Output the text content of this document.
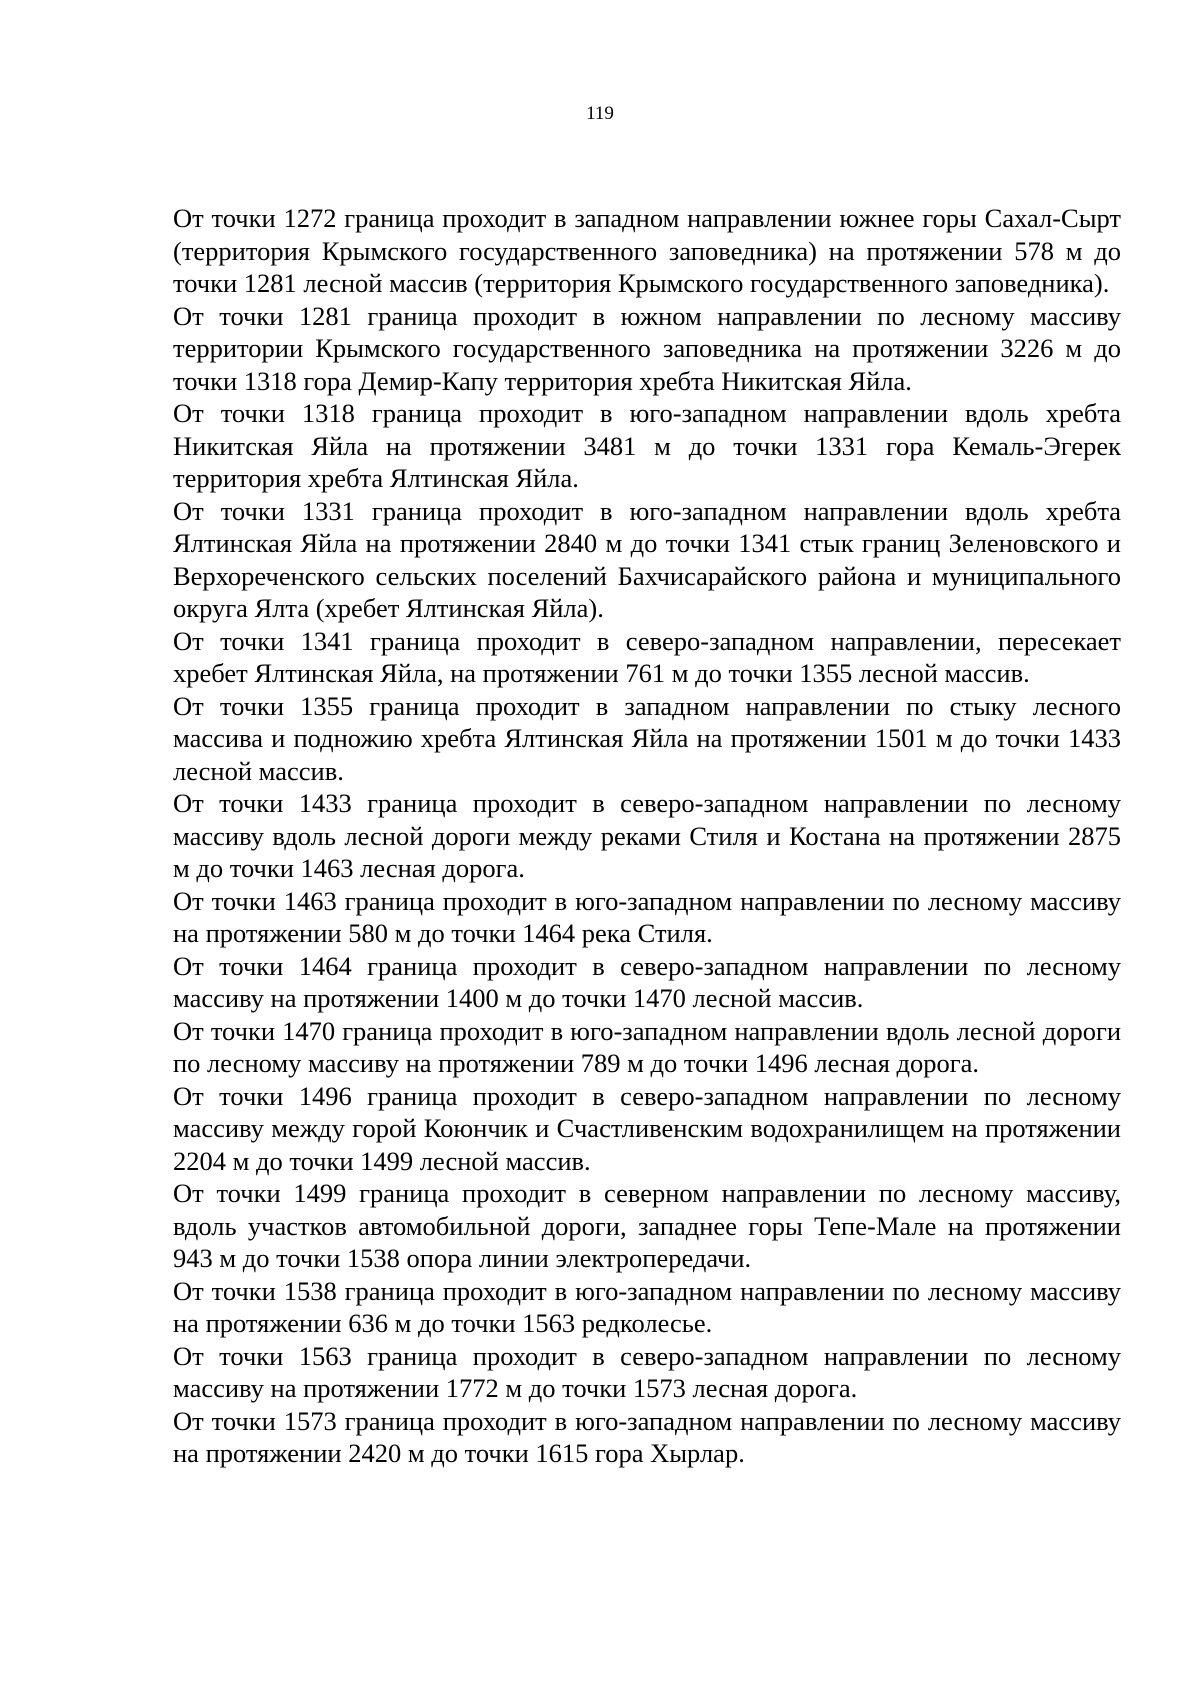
119

От точки 1272 граница проходит в западном направлении южнее горы Сахал-Сырт (территория Крымского государственного заповедника) на протяжении 578 м до точки 1281 лесной массив (территория Крымского государственного заповедника).

От точки 1281 граница проходит в южном направлении по лесному массиву территории Крымского государственного заповедника на протяжении 3226 м до точки 1318 гора Демир-Капу территория хребта Никитская Яйла.

От точки 1318 граница проходит в юго-западном направлении вдоль хребта Никитская Яйла на протяжении 3481 м до точки 1331 гора Кемаль-Эгерек территория хребта Ялтинская Яйла.

От точки 1331 граница проходит в юго-западном направлении вдоль хребта Ялтинская Яйла на протяжении 2840 м до точки 1341 стык границ Зеленовского и Верхореченского сельских поселений Бахчисарайского района и муниципального округа Ялта (хребет Ялтинская Яйла).

От точки 1341 граница проходит в северо-западном направлении, пересекает хребет Ялтинская Яйла, на протяжении 761 м до точки 1355 лесной массив.

От точки 1355 граница проходит в западном направлении по стыку лесного массива и подножию хребта Ялтинская Яйла на протяжении 1501 м до точки 1433 лесной массив.

От точки 1433 граница проходит в северо-западном направлении по лесному массиву вдоль лесной дороги между реками Стиля и Костана на протяжении 2875 м до точки 1463 лесная дорога.

От точки 1463 граница проходит в юго-западном направлении по лесному массиву на протяжении 580 м до точки 1464 река Стиля.

От точки 1464 граница проходит в северо-западном направлении по лесному массиву на протяжении 1400 м до точки 1470 лесной массив.

От точки 1470 граница проходит в юго-западном направлении вдоль лесной дороги по лесному массиву на протяжении 789 м до точки 1496 лесная дорога.

От точки 1496 граница проходит в северо-западном направлении по лесному массиву между горой Коюнчик и Счастливенским водохранилищем на протяжении 2204 м до точки 1499 лесной массив.

От точки 1499 граница проходит в северном направлении по лесному массиву, вдоль участков автомобильной дороги, западнее горы Тепе-Мале на протяжении 943 м до точки 1538 опора линии электропередачи.

От точки 1538 граница проходит в юго-западном направлении по лесному массиву на протяжении 636 м до точки 1563 редколесье.

От точки 1563 граница проходит в северо-западном направлении по лесному массиву на протяжении 1772 м до точки 1573 лесная дорога.

От точки 1573 граница проходит в юго-западном направлении по лесному массиву на протяжении 2420 м до точки 1615 гора Хырлар.
